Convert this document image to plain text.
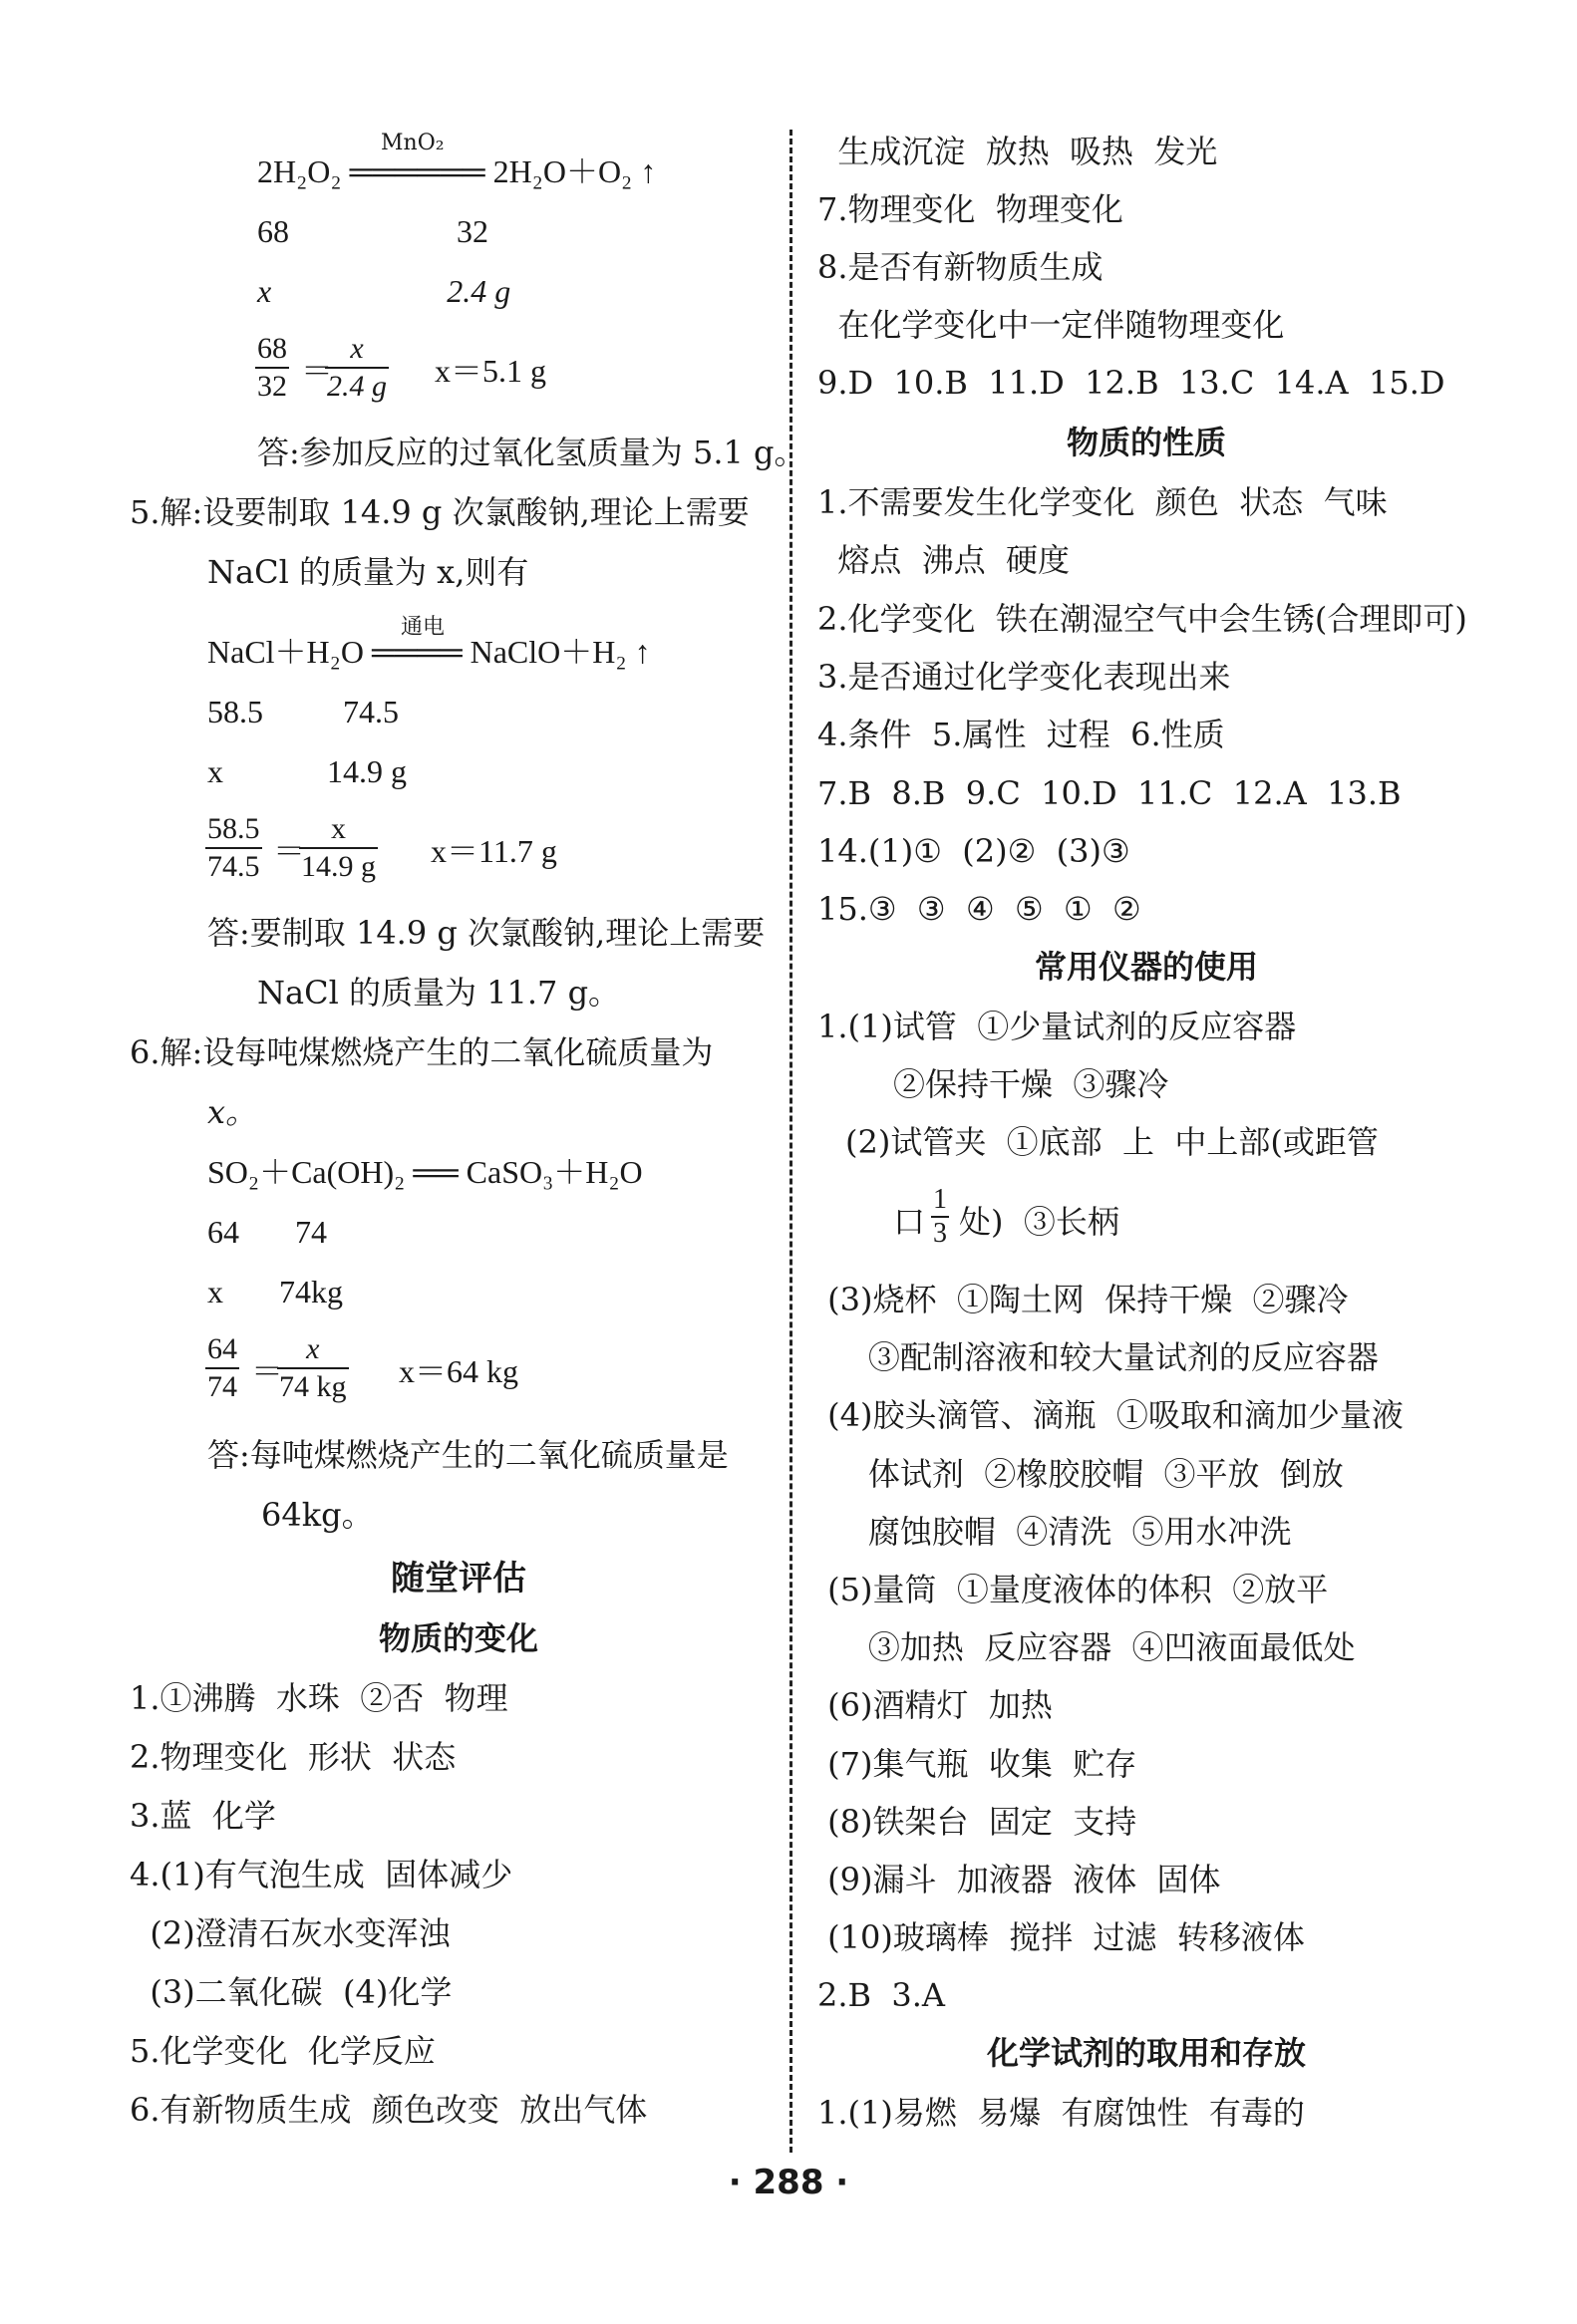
MnO₂
2H₂O₂ ══════ 2H₂O＋O₂ ↑
68                     32
x                      2.4 g
$\frac{68}{32}$ ＝
$\frac{x}{2.4 g} x=5.1$ g
答:参加反应的过氧化氢质量为 5.1 g。
5.解:设要制取 14.9 g 次氯酸钠,理论上需要
NaCl 的质量为 x,则有
通电
NaCl＋H₂O ════ NaClO＋H₂ ↑
58.5          74.5
x             14.9 g
$\frac{58.5}{74.5}$ ＝
$\frac{x}{14.9 g} x=11.7$ g
答:要制取 14.9 g 次氯酸钠,理论上需要
NaCl 的质量为 11.7 g。
6.解:设每吨煤燃烧产生的二氧化硫质量为
x。
SO₂＋Ca(OH)₂ ══ CaSO₃＋H₂O
64       74
x       74kg
$\frac{64}{74}$ ＝
$\frac{x}{74 kg} x=64$ kg
答:每吨煤燃烧产生的二氧化硫质量是
64kg。
随堂评估
物质的变化
1.①沸腾  水珠  ②否  物理
2.物理变化  形状  状态
3.蓝  化学
4.(1)有气泡生成  固体减少
(2)澄清石灰水变浑浊
(3)二氧化碳  (4)化学
5.化学变化  化学反应
6.有新物质生成  颜色改变  放出气体
生成沉淀  放热  吸热  发光
7.物理变化  物理变化
8.是否有新物质生成
在化学变化中一定伴随物理变化
9.D  10.B  11.D  12.B  13.C  14.A  15.D
物质的性质
1.不需要发生化学变化  颜色  状态  气味
熔点  沸点  硬度
2.化学变化  铁在潮湿空气中会生锈(合理即可)
3.是否通过化学变化表现出来
4.条件  5.属性  过程  6.性质
7.B  8.B  9.C  10.D  11.C  12.A  13.B
14.(1)①  (2)②  (3)③
15.③  ③  ④  ⑤  ①  ②
常用仪器的使用
1.(1)试管  ①少量试剂的反应容器
②保持干燥  ③骤冷
(2)试管夹  ①底部  上  中上部(或距管
口 $\frac{1}{3}$ 处)  ③长柄
(3)烧杯  ①陶土网  保持干燥  ②骤冷
③配制溶液和较大量试剂的反应容器
(4)胶头滴管、滴瓶  ①吸取和滴加少量液
体试剂  ②橡胶胶帽  ③平放  倒放
腐蚀胶帽  ④清洗  ⑤用水冲洗
(5)量筒  ①量度液体的体积  ②放平
③加热  反应容器  ④凹液面最低处
(6)酒精灯  加热
(7)集气瓶  收集  贮存
(8)铁架台  固定  支持
(9)漏斗  加液器  液体  固体
(10)玻璃棒  搅拌  过滤  转移液体
2.B  3.A
化学试剂的取用和存放
1.(1)易燃  易爆  有腐蚀性  有毒的
· 288 ·
